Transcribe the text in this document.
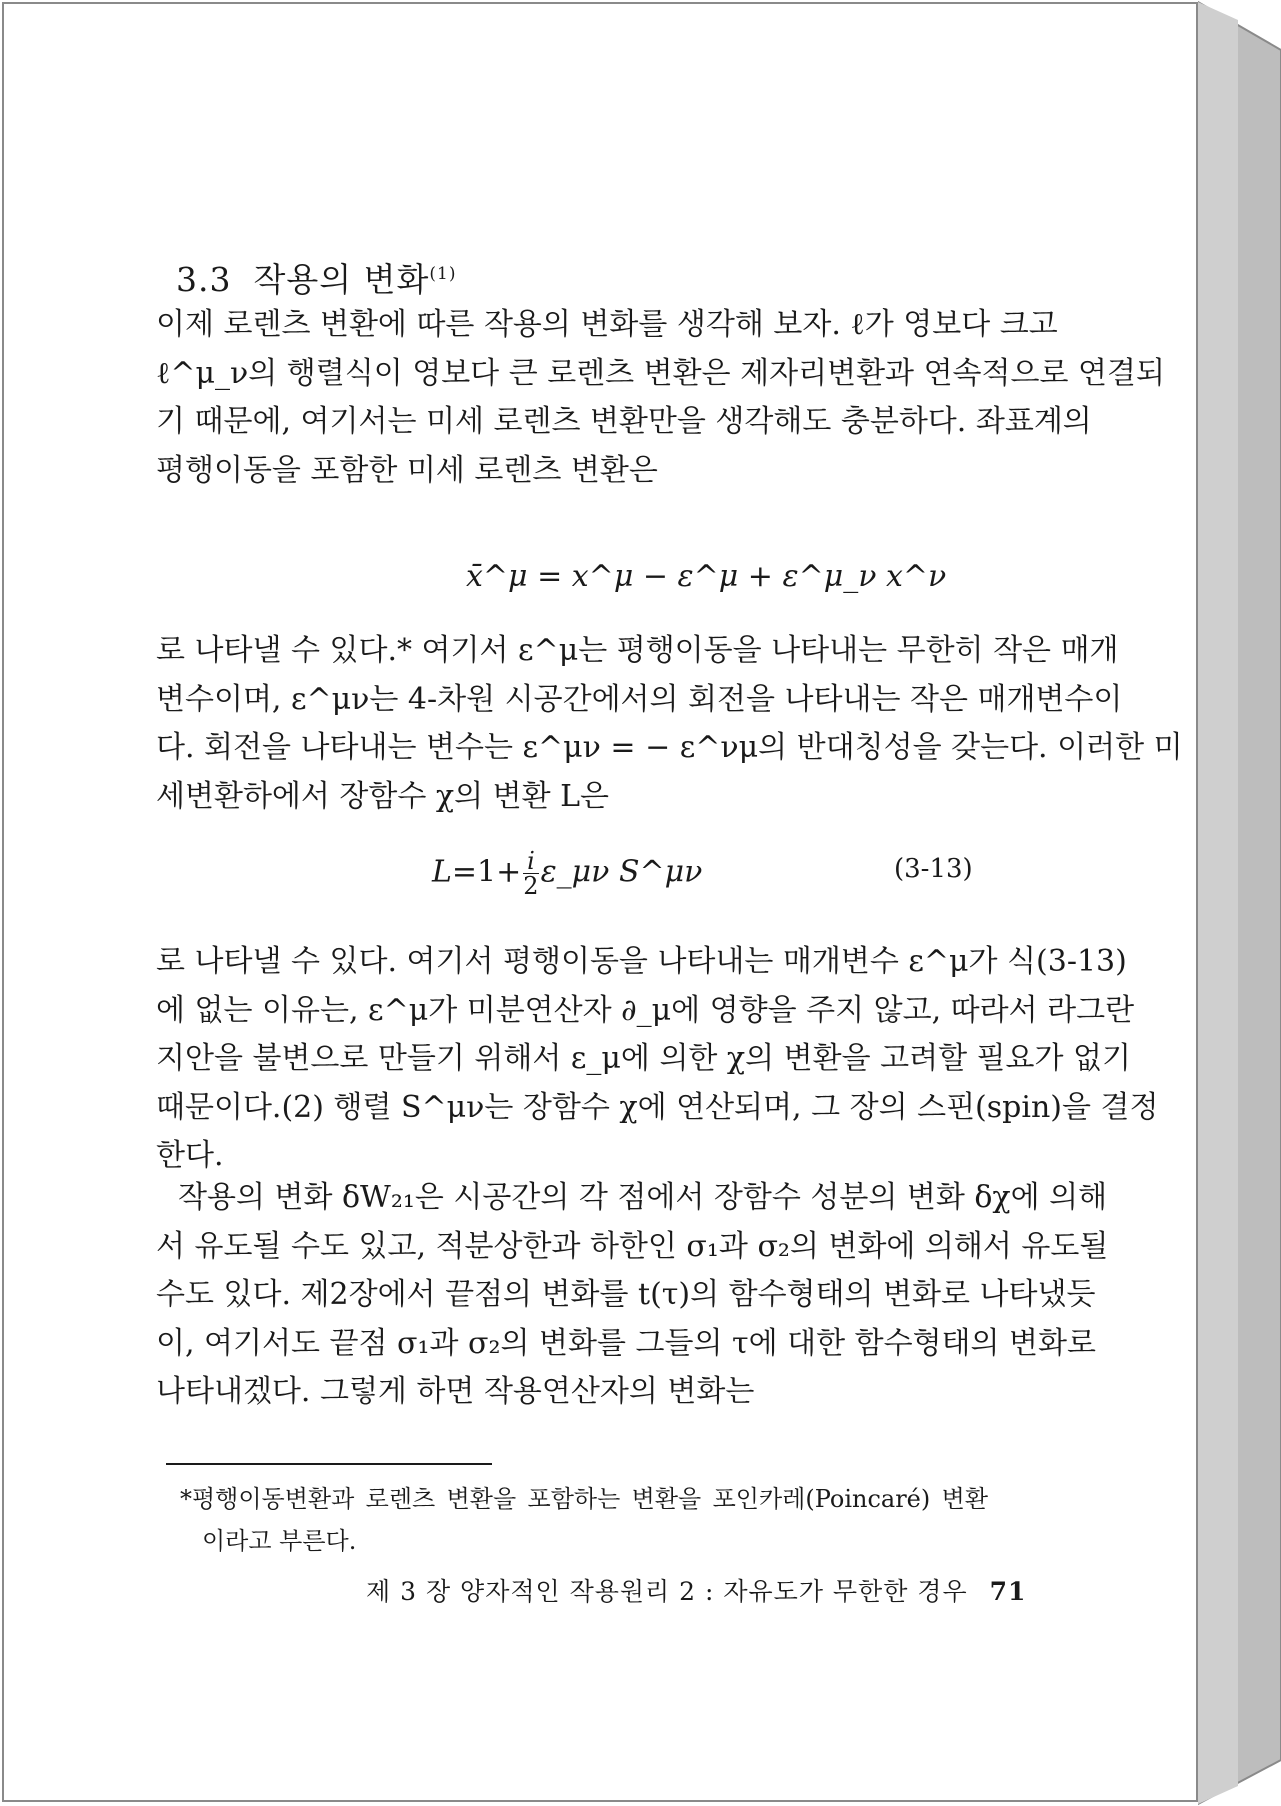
3.3 작용의 변화$^{(1)}$
이제 로렌츠 변환에 따른 작용의 변화를 생각해 보자. ℓ가 영보다 크고
ℓ^μ_ν의 행렬식이 영보다 큰 로렌츠 변환은 제자리변환과 연속적으로 연결되
기 때문에, 여기서는 미세 로렌츠 변환만을 생각해도 충분하다. 좌표계의
평행이동을 포함한 미세 로렌츠 변환은
x̄^μ = x^μ − ε^μ + ε^μ_ν x^ν
로 나타낼 수 있다.* 여기서 ε^μ는 평행이동을 나타내는 무한히 작은 매개
변수이며, ε^μν는 4-차원 시공간에서의 회전을 나타내는 작은 매개변수이
다. 회전을 나타내는 변수는 ε^μν = − ε^νμ의 반대칭성을 갖는다. 이러한 미
세변환하에서 장함수 χ의 변환 L은
$L=1+ \frac{i}{2}$ ε_μν S^μν	(3-13)
로 나타낼 수 있다. 여기서 평행이동을 나타내는 매개변수 ε^μ가 식(3-13)
에 없는 이유는, ε^μ가 미분연산자 ∂_μ에 영향을 주지 않고, 따라서 라그란
지안을 불변으로 만들기 위해서 ε_μ에 의한 χ의 변환을 고려할 필요가 없기
때문이다.(2) 행렬 S^μν는 장함수 χ에 연산되며, 그 장의 스핀(spin)을 결정
한다.
작용의 변화 δW₂₁은 시공간의 각 점에서 장함수 성분의 변화 δχ에 의해
서 유도될 수도 있고, 적분상한과 하한인 σ₁과 σ₂의 변화에 의해서 유도될
수도 있다. 제2장에서 끝점의 변화를 t(τ)의 함수형태의 변화로 나타냈듯
이, 여기서도 끝점 σ₁과 σ₂의 변화를 그들의 τ에 대한 함수형태의 변화로
나타내겠다. 그렇게 하면 작용연산자의 변화는
*평행이동변환과 로렌츠 변환을 포함하는 변환을 포인카레(Poincaré) 변환
이라고 부른다.
제 3 장 양자적인 작용원리 2 : 자유도가 무한한 경우 71
